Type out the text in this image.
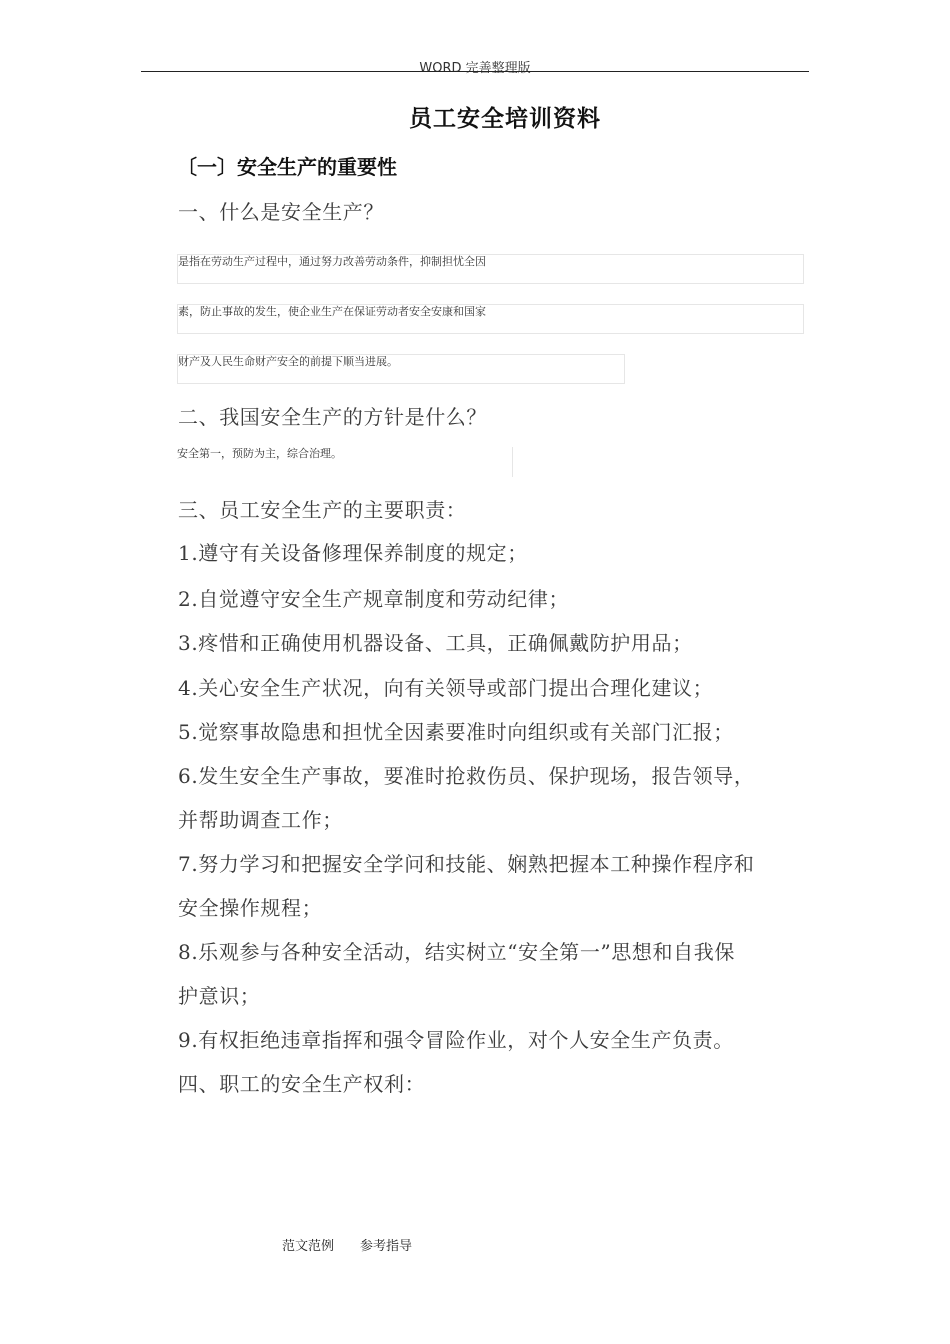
WORD 完善整理版
员工安全培训资料
〔一〕安全生产的重要性
一、什么是安全生产？
是指在劳动生产过程中，通过努力改善劳动条件，抑制担忧全因
素，防止事故的发生，使企业生产在保证劳动者安全安康和国家
财产及人民生命财产安全的前提下顺当进展。
二、我国安全生产的方针是什么？
安全第一，预防为主，综合治理。
三、员工安全生产的主要职责：
1.遵守有关设备修理保养制度的规定；
2.自觉遵守安全生产规章制度和劳动纪律；
3.疼惜和正确使用机器设备、工具，正确佩戴防护用品；
4.关心安全生产状况，向有关领导或部门提出合理化建议；
5.觉察事故隐患和担忧全因素要准时向组织或有关部门汇报；
6.发生安全生产事故，要准时抢救伤员、保护现场，报告领导，
并帮助调查工作；
7.努力学习和把握安全学问和技能、娴熟把握本工种操作程序和
安全操作规程；
8.乐观参与各种安全活动，结实树立“安全第一”思想和自我保
护意识；
9.有权拒绝违章指挥和强令冒险作业，对个人安全生产负责。
四、职工的安全生产权利：
范文范例 参考指导
